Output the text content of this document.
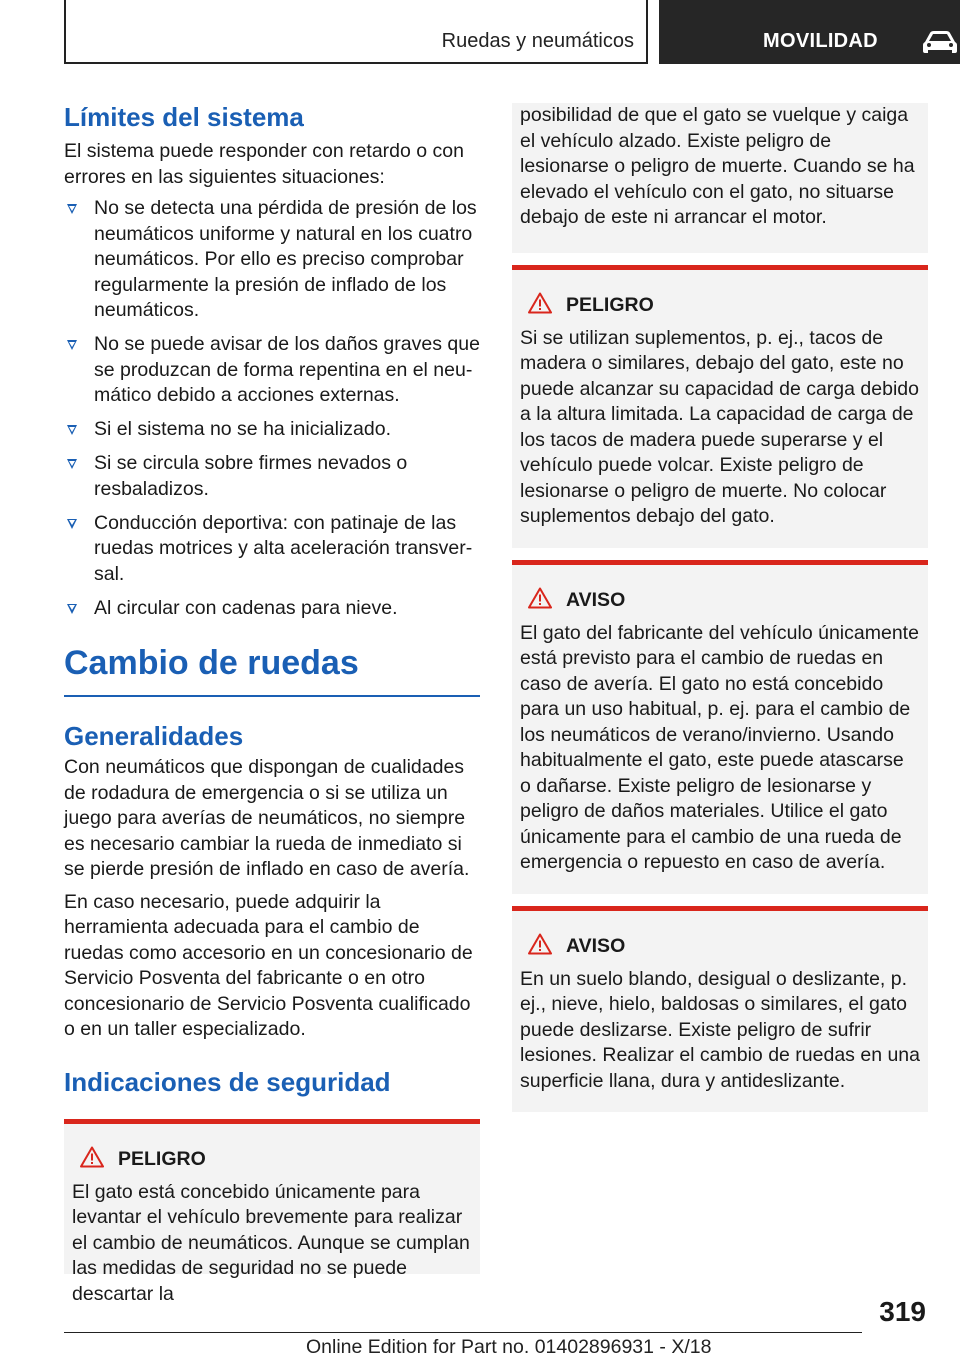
Ruedas y neumáticos	MOVILIDAD
Límites del sistema

El sistema puede responder con retardo o con errores en las siguientes situaciones:

No se detecta una pérdida de presión de los neumáticos uniforme y natural en los cuatro neumáticos. Por ello es preciso comprobar regularmente la presión de inflado de los neumáticos.
No se puede avisar de los daños graves que se produzcan de forma repentina en el neumático debido a acciones externas.
Si el sistema no se ha inicializado.
Si se circula sobre firmes nevados o resbaladizos.
Conducción deportiva: con patinaje de las ruedas motrices y alta aceleración transversal.
Al circular con cadenas para nieve.
Cambio de ruedas
Generalidades

Con neumáticos que dispongan de cualidades de rodadura de emergencia o si se utiliza un juego para averías de neumáticos, no siempre es necesario cambiar la rueda de inmediato si se pierde presión de inflado en caso de avería.

En caso necesario, puede adquirir la herramienta adecuada para el cambio de ruedas como accesorio en un concesionario de Servicio Posventa del fabricante o en otro concesionario de Servicio Posventa cualificado o en un taller especializado.

Indicaciones de seguridad
PELIGRO

El gato está concebido únicamente para levantar el vehículo brevemente para realizar el cambio de neumáticos. Aunque se cumplan las medidas de seguridad no se puede descartar la

posibilidad de que el gato se vuelque y caiga el vehículo alzado. Existe peligro de lesionarse o peligro de muerte. Cuando se ha elevado el vehículo con el gato, no situarse debajo de este ni arrancar el motor.

PELIGRO

Si se utilizan suplementos, p. ej., tacos de madera o similares, debajo del gato, este no puede alcanzar su capacidad de carga debido a la altura limitada. La capacidad de carga de los tacos de madera puede superarse y el vehículo puede volcar. Existe peligro de lesionarse o peligro de muerte. No colocar suplementos debajo del gato.

AVISO

El gato del fabricante del vehículo únicamente está previsto para el cambio de ruedas en caso de avería. El gato no está concebido para un uso habitual, p. ej. para el cambio de los neumáticos de verano/invierno. Usando habitualmente el gato, este puede atascarse o dañarse. Existe peligro de lesionarse y peligro de daños materiales. Utilice el gato únicamente para el cambio de una rueda de emergencia o repuesto en caso de avería.

AVISO

En un suelo blando, desigual o deslizante, p. ej., nieve, hielo, baldosas o similares, el gato puede deslizarse. Existe peligro de sufrir lesiones. Realizar el cambio de ruedas en una superficie llana, dura y antideslizante.

319
Online Edition for Part no. 01402896931 - X/18
